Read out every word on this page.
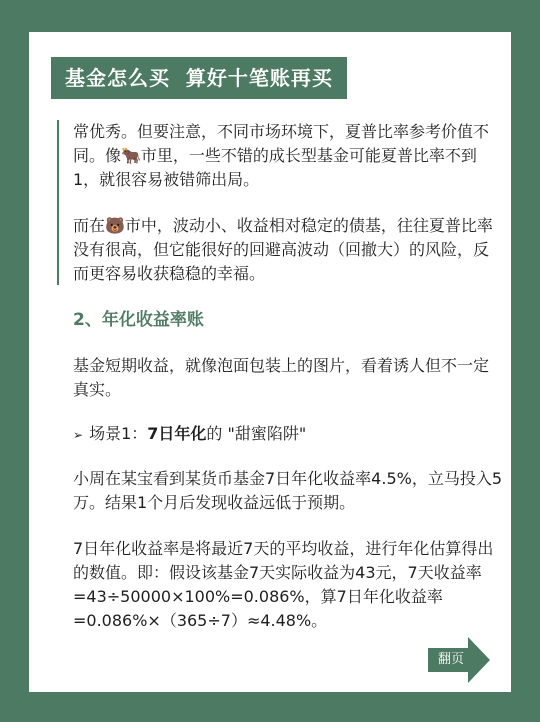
基金怎么买  算好十笔账再买

常优秀。但要注意，不同市场环境下，夏普比率参考价值不同。像🐂市里，一些不错的成长型基金可能夏普比率不到1，就很容易被错筛出局。

而在🐻市中，波动小、收益相对稳定的债基，往往夏普比率没有很高，但它能很好的回避高波动（回撤大）的风险，反而更容易收获稳稳的幸福。

2、年化收益率账

基金短期收益，就像泡面包装上的图片，看着诱人但不一定真实。

➢ 场景1：7日年化的 "甜蜜陷阱"

小周在某宝看到某货币基金7日年化收益率4.5%，立马投入5万。结果1个月后发现收益远低于预期。

7日年化收益率是将最近7天的平均收益，进行年化估算得出的数值。即：假设该基金7天实际收益为43元，7天收益率=43÷50000×100%=0.086%，算7日年化收益率=0.086%×（365÷7）≈4.48%。

翻页
